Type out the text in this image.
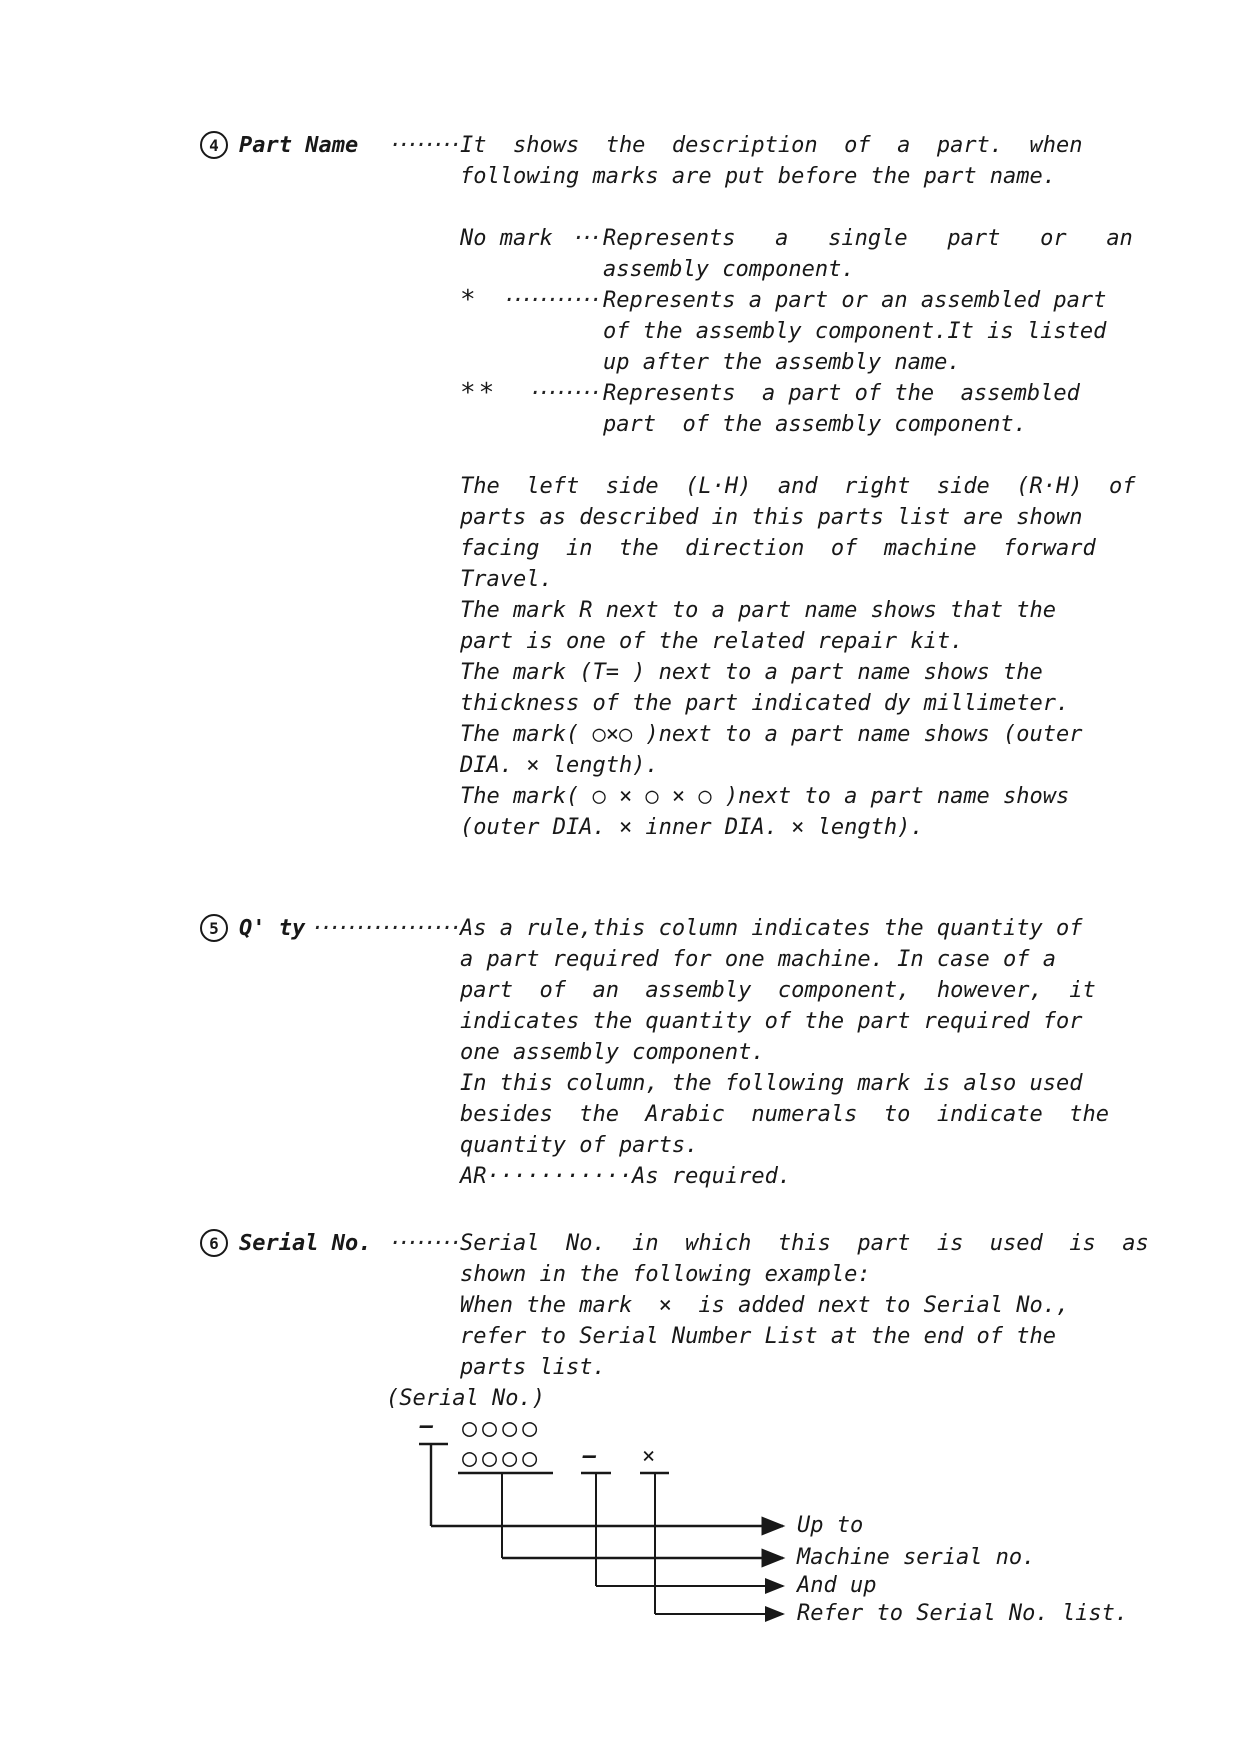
4 Part Name	········ It  shows  the  description  of  a  part.  when
following marks are put before the part name.
No mark ··· Represents   a   single   part   or   an
assembly component.
*	··········· Represents a part or an assembled part
of the assembly component.It is listed
up after the assembly name.
**	········ Represents  a part of the  assembled
part  of the assembly component.
The  left  side  (L·H)  and  right  side  (R·H)  of
parts as described in this parts list are shown
facing  in  the  direction  of  machine  forward
Travel.
The mark R next to a part name shows that the
part is one of the related repair kit.
The mark (T= ) next to a part name shows the
thickness of the part indicated dy millimeter.
The mark( ○×○ )next to a part name shows (outer
DIA. × length).
The mark( ○ × ○ × ○ )next to a part name shows
(outer DIA. × inner DIA. × length).
5 Q' ty ················· As a rule,this column indicates the quantity of
a part required for one machine. In case of a
part  of  an  assembly  component,  however,  it
indicates the quantity of the part required for
one assembly component.
In this column, the following mark is also used
besides  the  Arabic  numerals  to  indicate  the
quantity of parts.
AR···········As required.
6 Serial No. ········ Serial  No.  in  which  this  part  is  used  is  as
shown in the following example:
When the mark  ×  is added next to Serial No.,
refer to Serial Number List at the end of the
parts list.
(Serial No.)
– ○○○○
○○○○ – ×
Up to
Machine serial no.
And up
Refer to Serial No. list.
